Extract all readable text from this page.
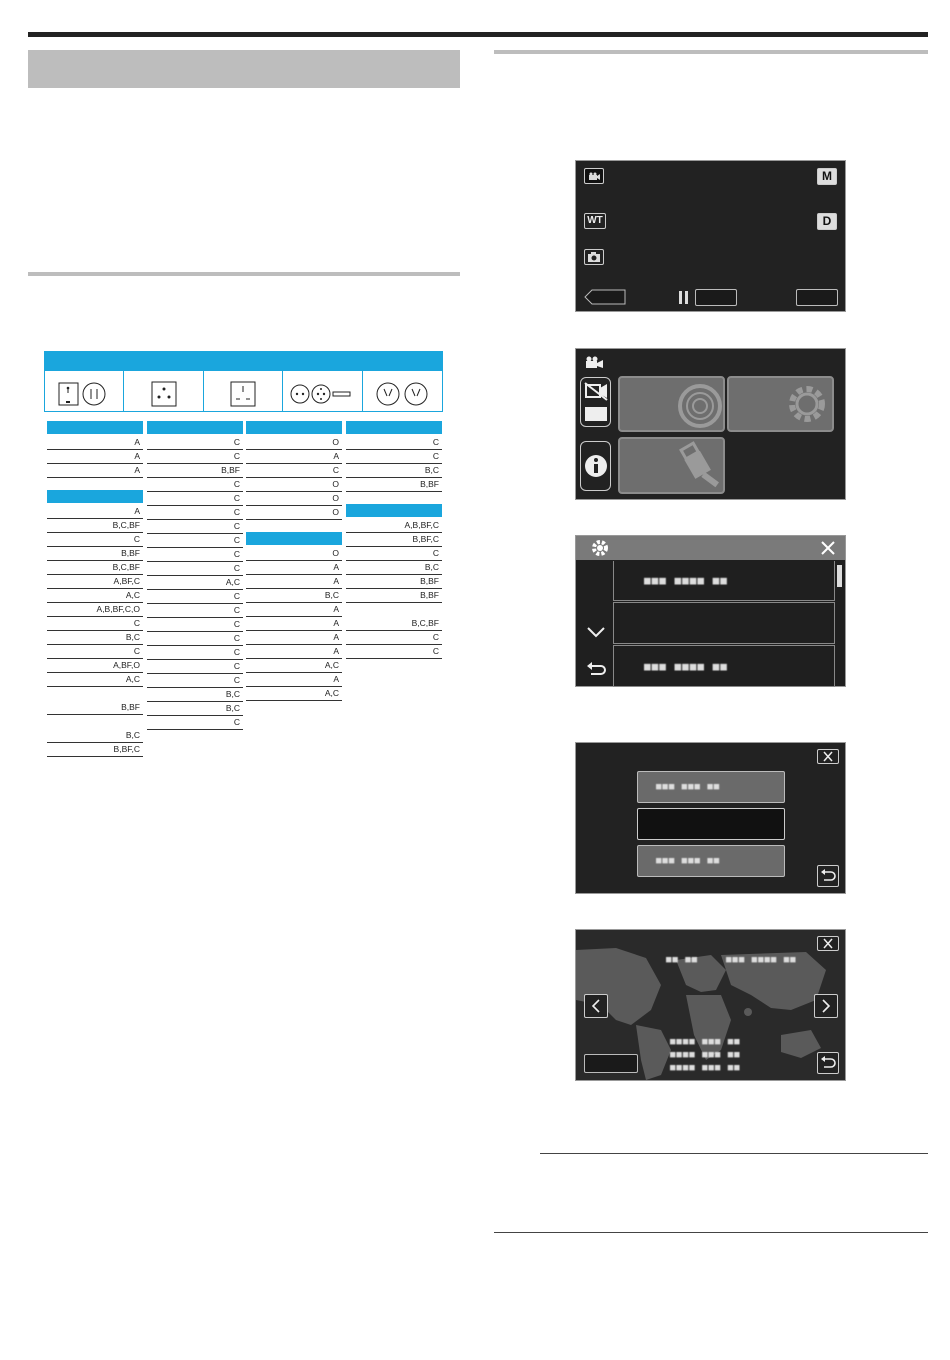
A
A
A
A
B,C,BF
C
B,BF
B,C,BF
A,BF,C
A,C
A,B,BF,C,O
C
B,C
C
A,BF,O
A,C
B,BF
B,C
B,BF,C
C
C
B,BF
C
C
C
C
C
C
C
A,C
C
C
C
C
C
C
C
B,C
B,C
C
O
A
C
O
O
O
O
A
A
B,C
A
A
A
A
A,C
A
A,C
C
C
B,C
B,BF
A,B,BF,C
B,BF,C
C
B,C
B,BF
B,BF
B,C,BF
C
C
WT
M
D
■■■ ■■■■ ■■
■■■ ■■■■ ■■
■■■ ■■■ ■■
■■■ ■■■ ■■
■■ ■■	■■■ ■■■■ ■■
■■■■ ■■■ ■■
■■■■ ■■■ ■■
■■■■ ■■■ ■■
